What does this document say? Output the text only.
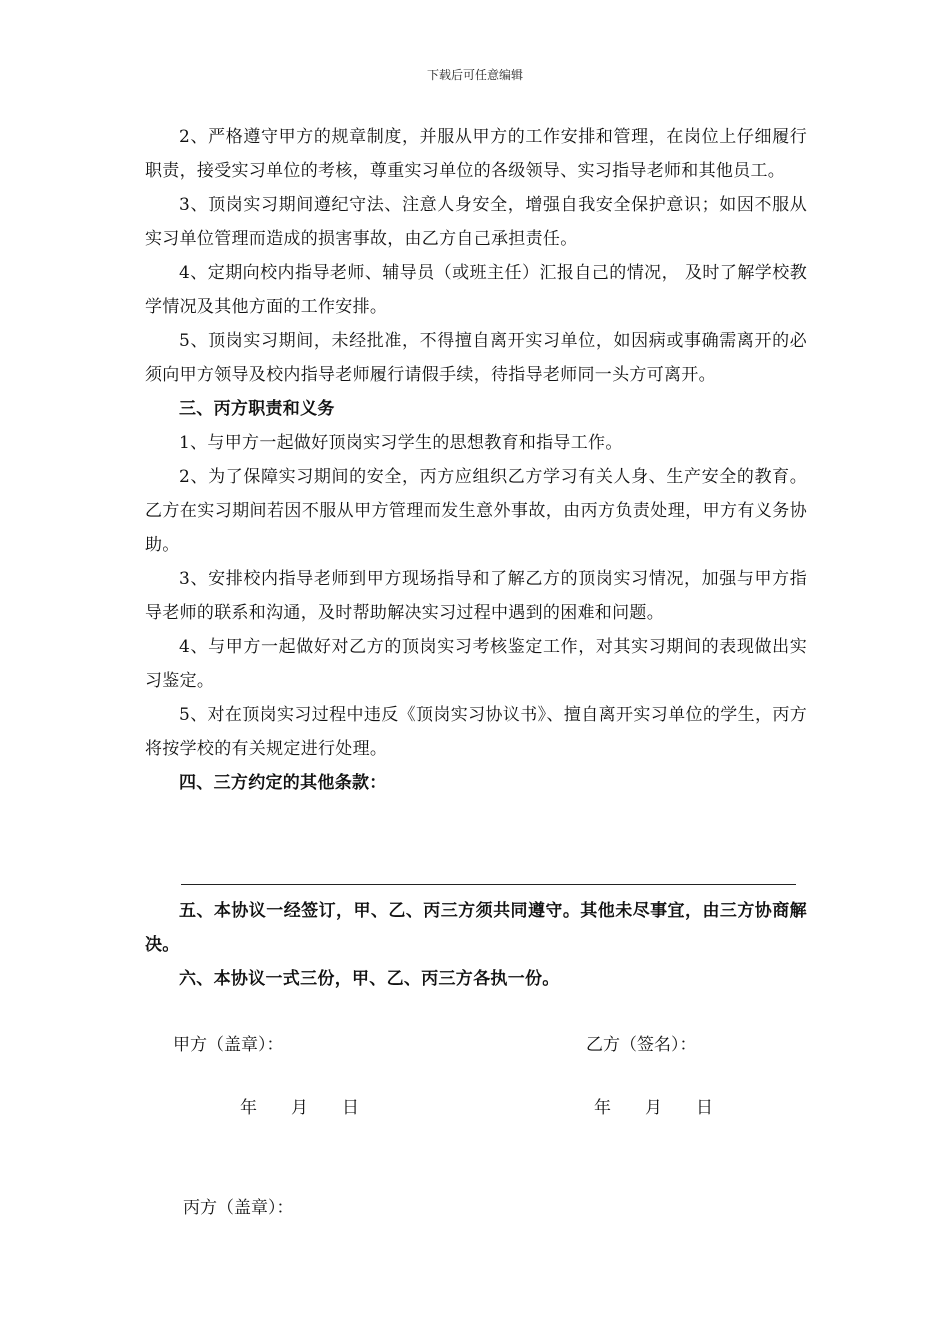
下载后可任意编辑

2、严格遵守甲方的规章制度，并服从甲方的工作安排和管理，在岗位上仔细履行职责，接受实习单位的考核，尊重实习单位的各级领导、实习指导老师和其他员工。

3、顶岗实习期间遵纪守法、注意人身安全，增强自我安全保护意识；如因不服从实习单位管理而造成的损害事故，由乙方自己承担责任。

4、定期向校内指导老师、辅导员（或班主任）汇报自己的情况， 及时了解学校教学情况及其他方面的工作安排。

5、顶岗实习期间，未经批准，不得擅自离开实习单位，如因病或事确需离开的必须向甲方领导及校内指导老师履行请假手续，待指导老师同一头方可离开。

三、丙方职责和义务

1、与甲方一起做好顶岗实习学生的思想教育和指导工作。

2、为了保障实习期间的安全，丙方应组织乙方学习有关人身、生产安全的教育。乙方在实习期间若因不服从甲方管理而发生意外事故，由丙方负责处理，甲方有义务协助。

3、安排校内指导老师到甲方现场指导和了解乙方的顶岗实习情况，加强与甲方指导老师的联系和沟通，及时帮助解决实习过程中遇到的困难和问题。

4、与甲方一起做好对乙方的顶岗实习考核鉴定工作，对其实习期间的表现做出实习鉴定。

5、对在顶岗实习过程中违反《顶岗实习协议书》、擅自离开实习单位的学生，丙方将按学校的有关规定进行处理。

四、三方约定的其他条款：

五、本协议一经签订，甲、乙、丙三方须共同遵守。其他未尽事宜，由三方协商解决。

六、本协议一式三份，甲、乙、丙三方各执一份。

甲方（盖章）：	乙方（签名）：
年　　月　　日	年　　月　　日
丙方（盖章）：
